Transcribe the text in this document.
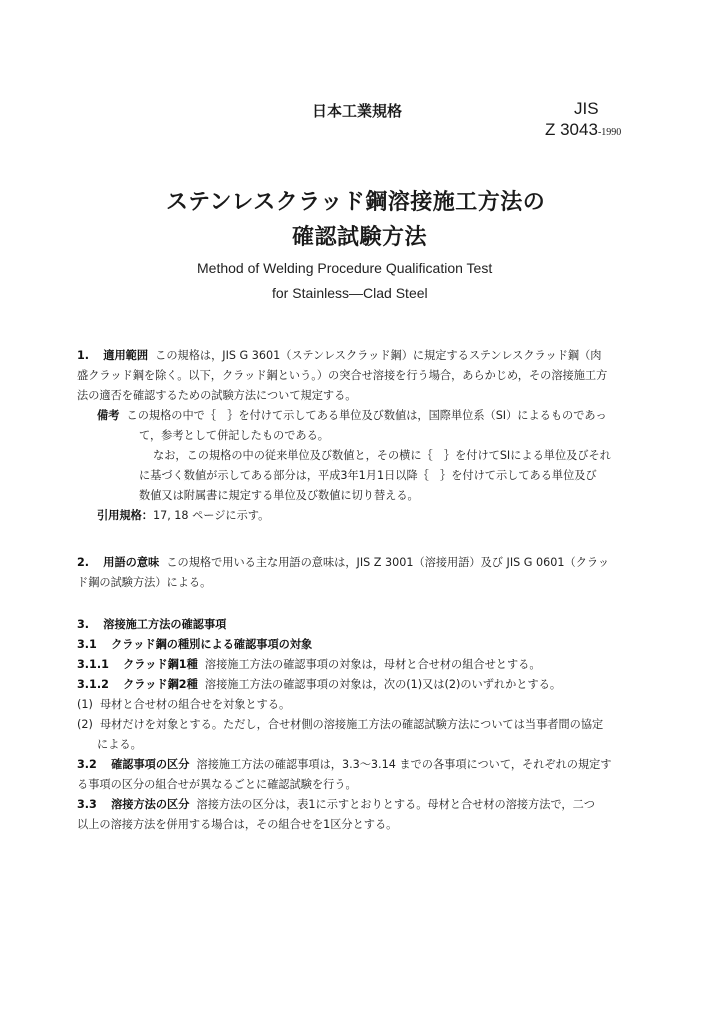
日本工業規格	JIS
Z 3043-1990
ステンレスクラッド鋼溶接施工方法の
確認試験方法
Method of Welding Procedure Qualification Test
for Stainless—Clad Steel
1. 適用範囲 この規格は，JIS G 3601（ステンレスクラッド鋼）に規定するステンレスクラッド鋼（肉
盛クラッド鋼を除く。以下，クラッド鋼という。）の突合せ溶接を行う場合，あらかじめ，その溶接施工方
法の適否を確認するための試験方法について規定する。
備考 この規格の中で｛　｝を付けて示してある単位及び数値は，国際単位系（SI）によるものであっ
て，参考として併記したものである。
なお，この規格の中の従来単位及び数値と，その横に｛　｝を付けてSIによる単位及びそれ
に基づく数値が示してある部分は，平成3年1月1日以降｛　｝を付けて示してある単位及び
数値又は附属書に規定する単位及び数値に切り替える。
引用規格：17, 18 ページに示す。
2. 用語の意味 この規格で用いる主な用語の意味は，JIS Z 3001（溶接用語）及び JIS G 0601（クラッ
ド鋼の試験方法）による。
3. 溶接施工方法の確認事項
3.1 クラッド鋼の種別による確認事項の対象
3.1.1 クラッド鋼1種 溶接施工方法の確認事項の対象は，母材と合せ材の組合せとする。
3.1.2 クラッド鋼2種 溶接施工方法の確認事項の対象は，次の(1)又は(2)のいずれかとする。
(1) 母材と合せ材の組合せを対象とする。
(2) 母材だけを対象とする。ただし，合せ材側の溶接施工方法の確認試験方法については当事者間の協定
による。
3.2 確認事項の区分 溶接施工方法の確認事項は，3.3～3.14 までの各事項について，それぞれの規定す
る事項の区分の組合せが異なるごとに確認試験を行う。
3.3 溶接方法の区分 溶接方法の区分は，表1に示すとおりとする。母材と合せ材の溶接方法で，二つ
以上の溶接方法を併用する場合は，その組合せを1区分とする。
